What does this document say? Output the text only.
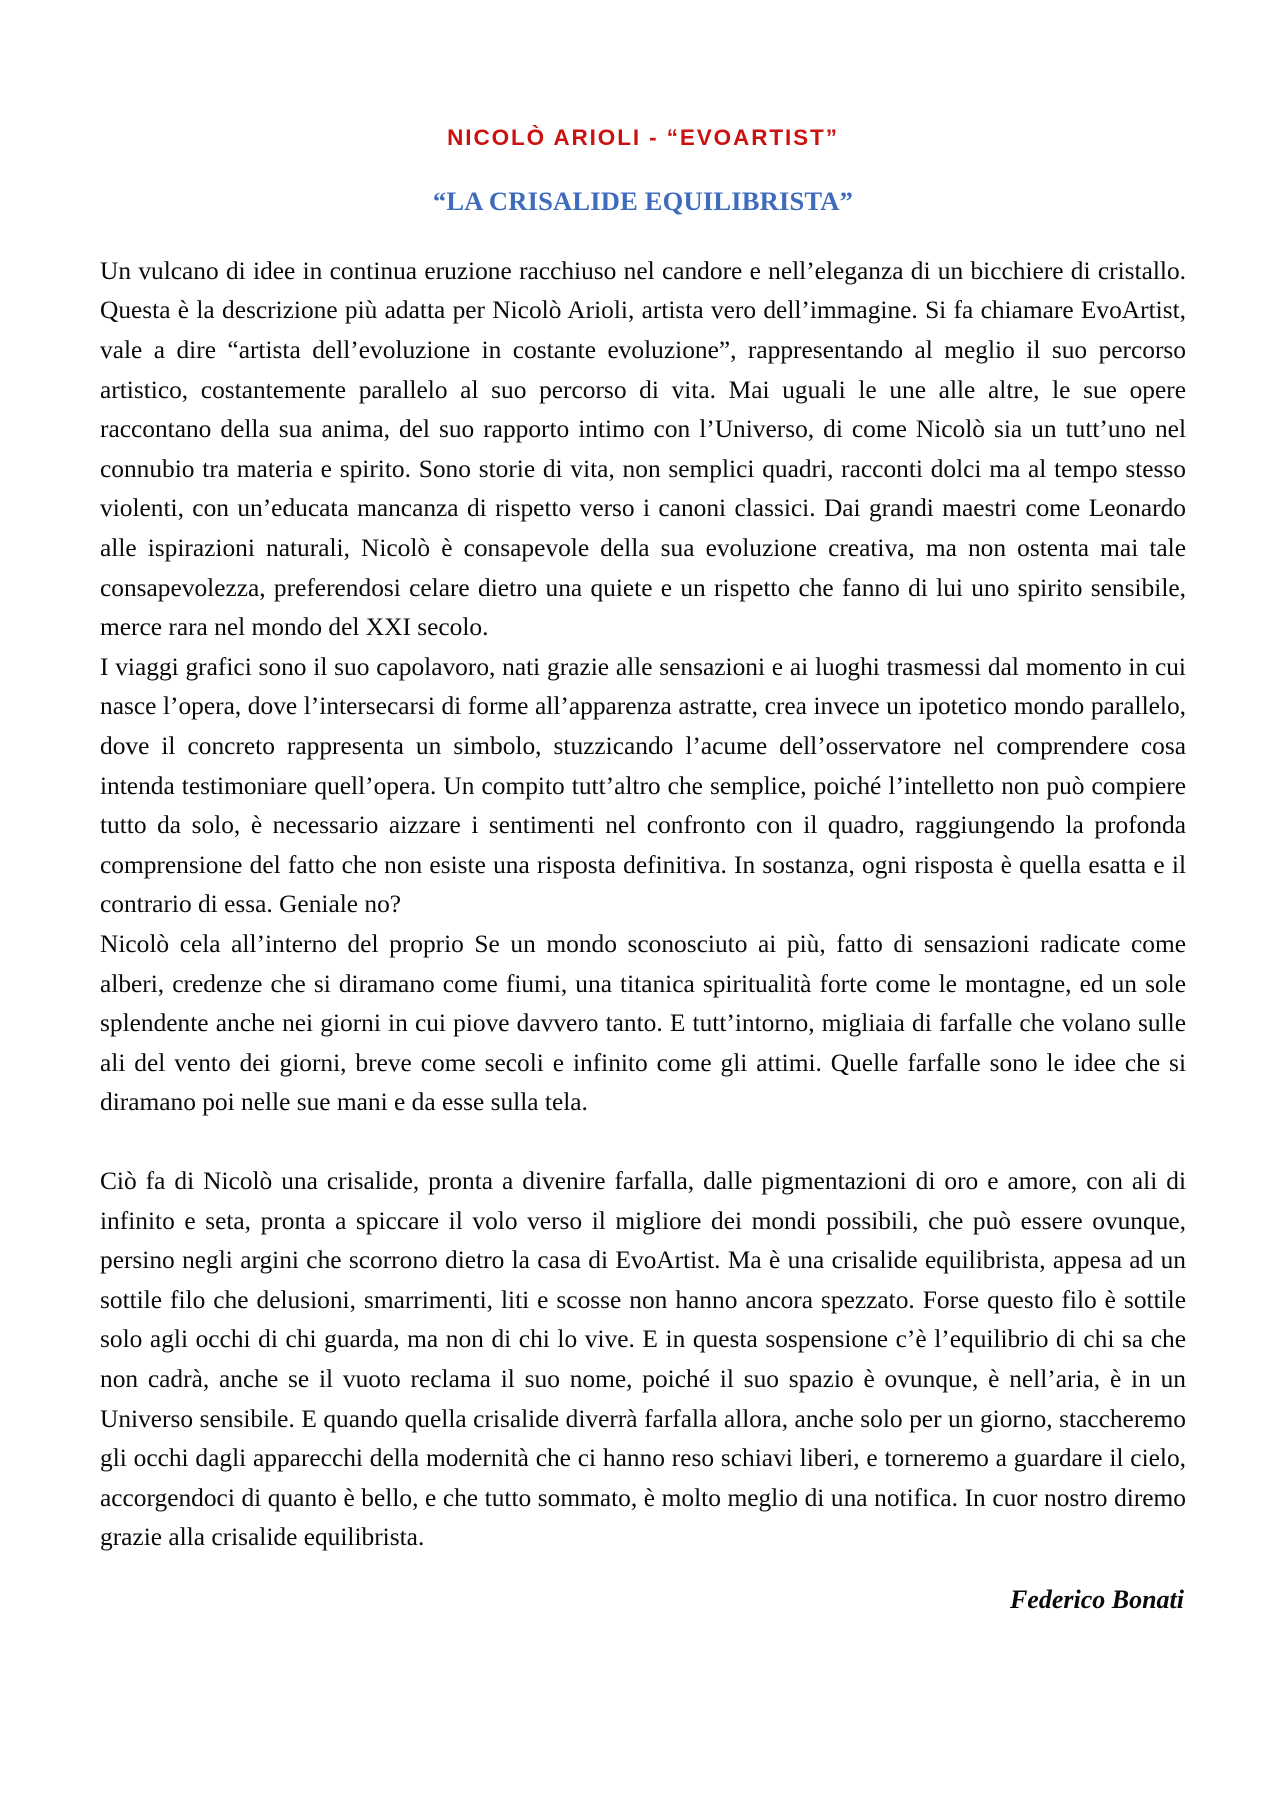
NICOLÒ ARIOLI - “EVOARTIST”
“LA CRISALIDE EQUILIBRISTA”

Un vulcano di idee in continua eruzione racchiuso nel candore e nell’eleganza di un bicchiere di cristallo. Questa è la descrizione più adatta per Nicolò Arioli, artista vero dell’immagine. Si fa chiamare EvoArtist, vale a dire “artista dell’evoluzione in costante evoluzione”, rappresentando al meglio il suo percorso artistico, costantemente parallelo al suo percorso di vita. Mai uguali le une alle altre, le sue opere raccontano della sua anima, del suo rapporto intimo con l’Universo, di come Nicolò sia un tutt’uno nel connubio tra materia e spirito. Sono storie di vita, non semplici quadri, racconti dolci ma al tempo stesso violenti, con un’educata mancanza di rispetto verso i canoni classici. Dai grandi maestri come Leonardo alle ispirazioni naturali, Nicolò è consapevole della sua evoluzione creativa, ma non ostenta mai tale consapevolezza, preferendosi celare dietro una quiete e un rispetto che fanno di lui uno spirito sensibile, merce rara nel mondo del XXI secolo.

I viaggi grafici sono il suo capolavoro, nati grazie alle sensazioni e ai luoghi trasmessi dal momento in cui nasce l’opera, dove l’intersecarsi di forme all’apparenza astratte, crea invece un ipotetico mondo parallelo, dove il concreto rappresenta un simbolo, stuzzicando l’acume dell’osservatore nel comprendere cosa intenda testimoniare quell’opera. Un compito tutt’altro che semplice, poiché l’intelletto non può compiere tutto da solo, è necessario aizzare i sentimenti nel confronto con il quadro, raggiungendo la profonda comprensione del fatto che non esiste una risposta definitiva. In sostanza, ogni risposta è quella esatta e il contrario di essa. Geniale no?

Nicolò cela all’interno del proprio Se un mondo sconosciuto ai più, fatto di sensazioni radicate come alberi, credenze che si diramano come fiumi, una titanica spiritualità forte come le montagne, ed un sole splendente anche nei giorni in cui piove davvero tanto. E tutt’intorno, migliaia di farfalle che volano sulle ali del vento dei giorni, breve come secoli e infinito come gli attimi. Quelle farfalle sono le idee che si diramano poi nelle sue mani e da esse sulla tela.

Ciò fa di Nicolò una crisalide, pronta a divenire farfalla, dalle pigmentazioni di oro e amore, con ali di infinito e seta, pronta a spiccare il volo verso il migliore dei mondi possibili, che può essere ovunque, persino negli argini che scorrono dietro la casa di EvoArtist. Ma è una crisalide equilibrista, appesa ad un sottile filo che delusioni, smarrimenti, liti e scosse non hanno ancora spezzato. Forse questo filo è sottile solo agli occhi di chi guarda, ma non di chi lo vive. E in questa sospensione c’è l’equilibrio di chi sa che non cadrà, anche se il vuoto reclama il suo nome, poiché il suo spazio è ovunque, è nell’aria, è in un Universo sensibile. E quando quella crisalide diverrà farfalla allora, anche solo per un giorno, staccheremo gli occhi dagli apparecchi della modernità che ci hanno reso schiavi liberi, e torneremo a guardare il cielo, accorgendoci di quanto è bello, e che tutto sommato, è molto meglio di una notifica. In cuor nostro diremo grazie alla crisalide equilibrista.

Federico Bonati
